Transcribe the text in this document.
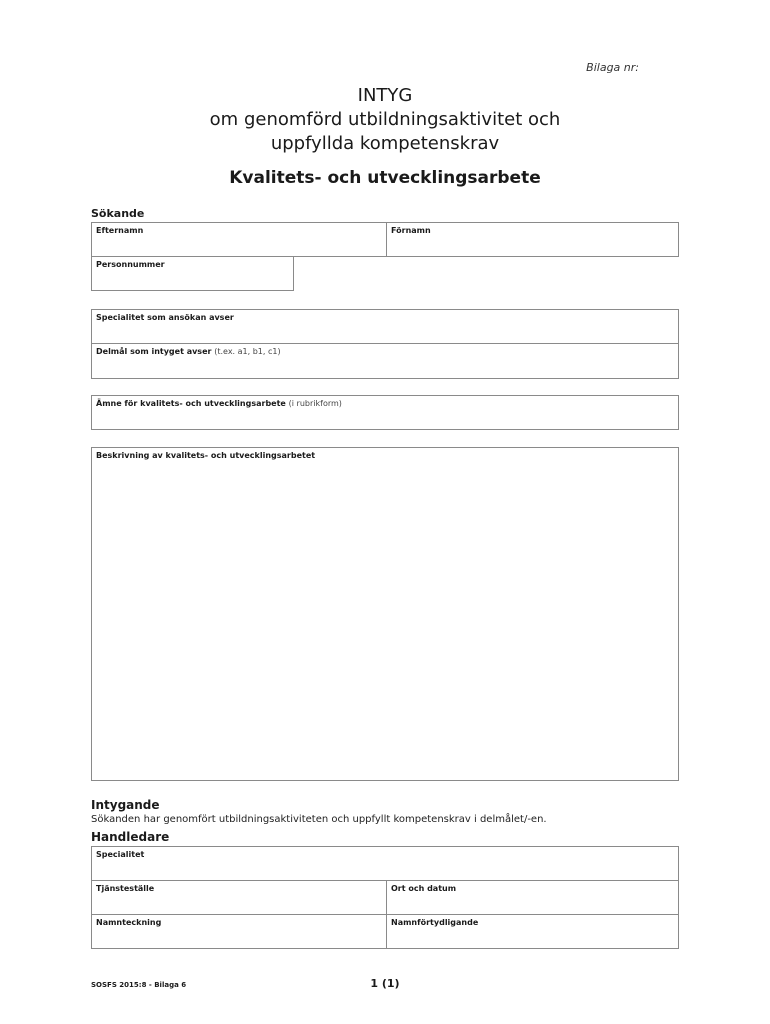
Bilaga nr:
INTYG
om genomförd utbildningsaktivitet och
uppfyllda kompetenskrav
Kvalitets- och utvecklingsarbete
Sökande
Efternamn	Förnamn
Personnummer
Specialitet som ansökan avser
Delmål som intyget avser (t.ex. a1, b1, c1)
Ämne för kvalitets- och utvecklingsarbete (i rubrikform)
Beskrivning av kvalitets- och utvecklingsarbetet
Intygande
Sökanden har genomfört utbildningsaktiviteten och uppfyllt kompetenskrav i delmålet/-en.
Handledare
Specialitet
Tjänsteställe	Ort och datum
Namnteckning	Namnförtydligande
SOSFS 2015:8 - Bilaga 6	1 (1)
